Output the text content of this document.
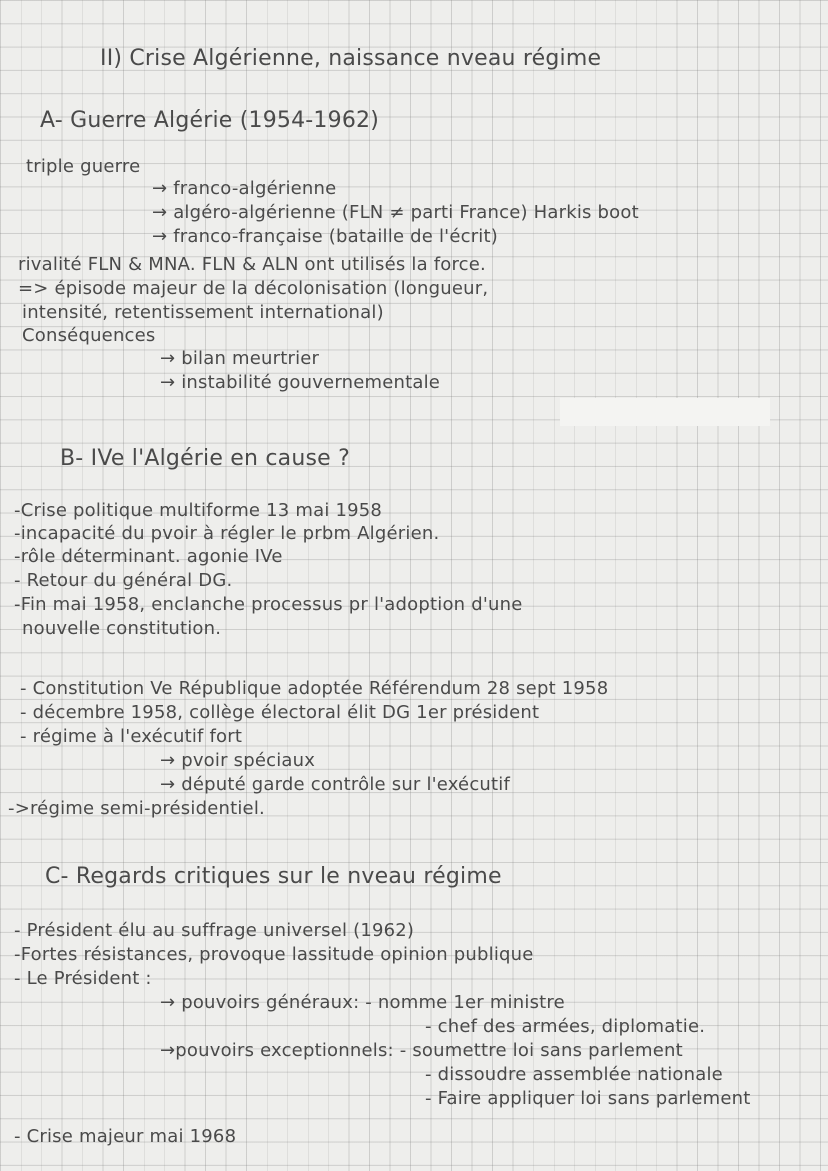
II) Crise Algérienne, naissance nveau régime
A- Guerre Algérie (1954-1962)
triple guerre
→ franco-algérienne
→ algéro-algérienne (FLN ≠ parti France) Harkis boot
→ franco-française (bataille de l'écrit)
rivalité FLN & MNA. FLN & ALN ont utilisés la force.
=> épisode majeur de la décolonisation (longueur,
intensité, retentissement international)
Conséquences
→ bilan meurtrier
→ instabilité gouvernementale
B- IVe l'Algérie en cause ?
-Crise politique multiforme 13 mai 1958
-incapacité du pvoir à régler le prbm Algérien.
-rôle déterminant. agonie IVe
- Retour du général DG.
-Fin mai 1958, enclanche processus pr l'adoption d'une
nouvelle constitution.
- Constitution Ve République adoptée Référendum 28 sept 1958
- décembre 1958, collège électoral élit DG 1er président
- régime à l'exécutif fort
→ pvoir spéciaux
→ député garde contrôle sur l'exécutif
->régime semi-présidentiel.
C- Regards critiques sur le nveau régime
- Président élu au suffrage universel (1962)
-Fortes résistances, provoque lassitude opinion publique
- Le Président :
→ pouvoirs généraux: - nomme 1er ministre
- chef des armées, diplomatie.
→pouvoirs exceptionnels: - soumettre loi sans parlement
- dissoudre assemblée nationale
- Faire appliquer loi sans parlement
- Crise majeur mai 1968
